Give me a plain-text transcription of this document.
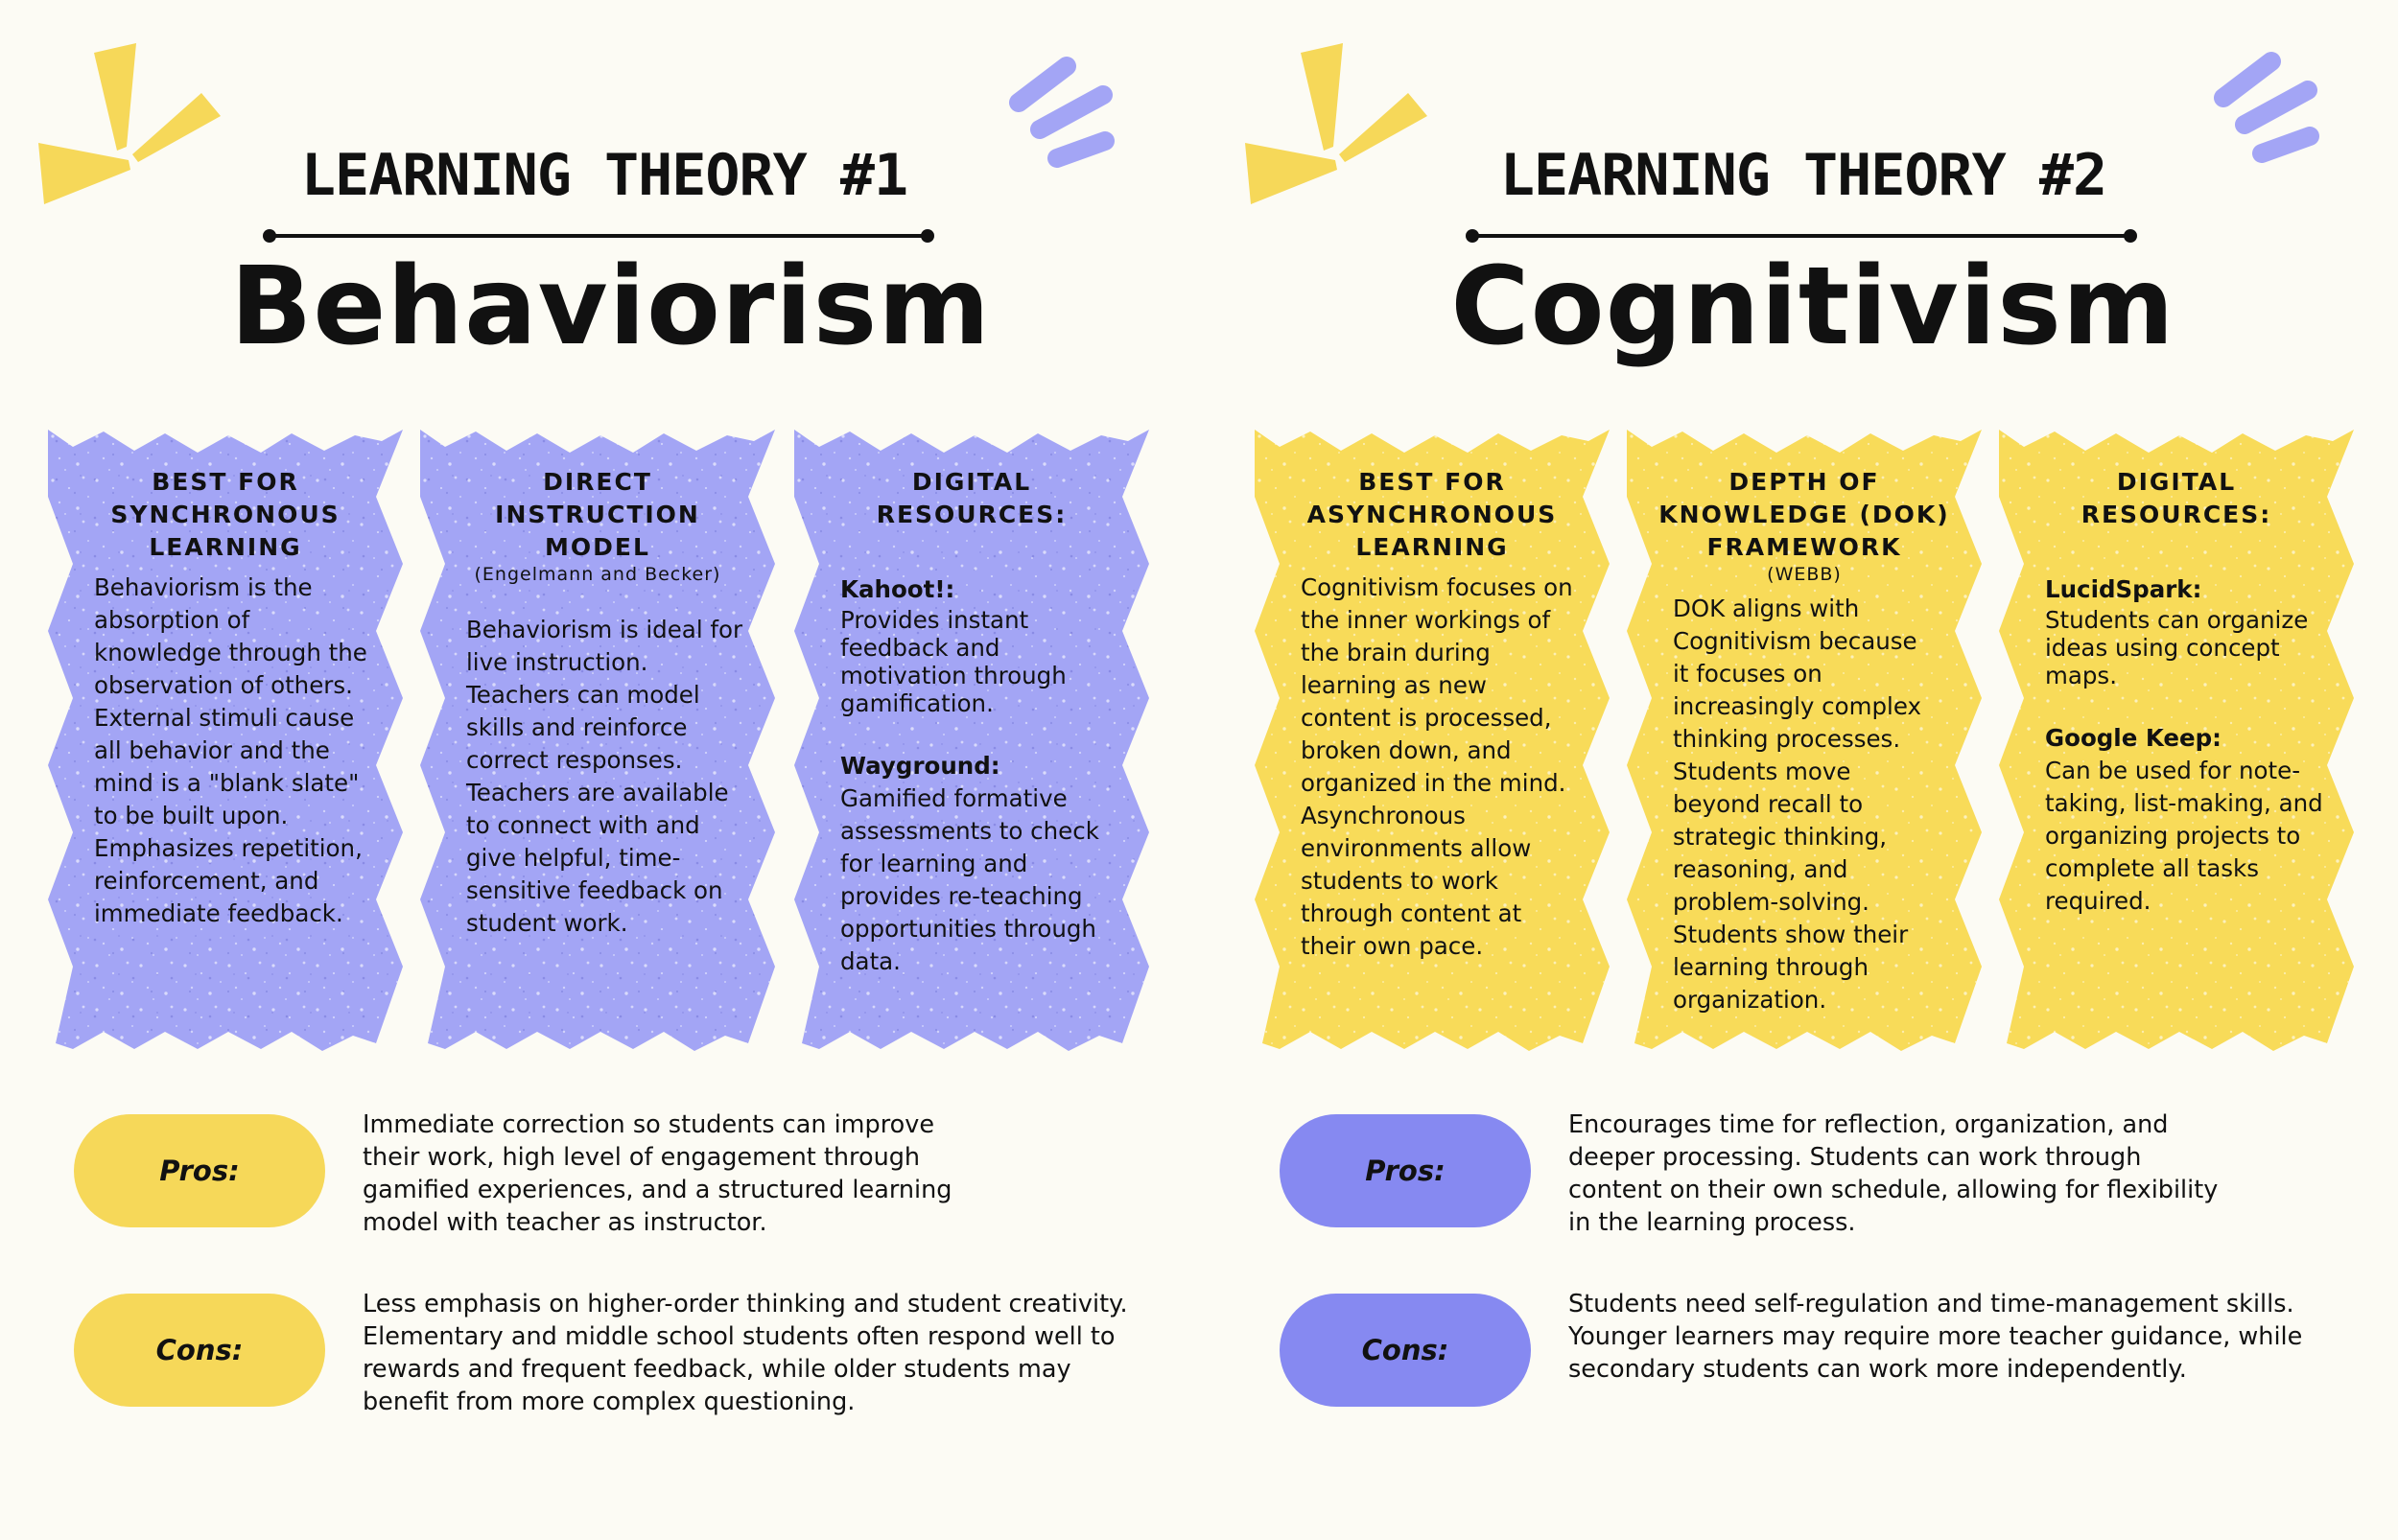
LEARNING THEORY #1
Behaviorism
BEST FOR SYNCHRONOUS LEARNING
Behaviorism is the absorption of knowledge through the observation of others. External stimuli cause all behavior and the mind is a "blank slate" to be built upon. Emphasizes repetition, reinforcement, and immediate feedback.
DIRECT INSTRUCTION MODEL
(Engelmann and Becker)
Behaviorism is ideal for live instruction. Teachers can model skills and reinforce correct responses. Teachers are available to connect with and give helpful, time-sensitive feedback on student work.
DIGITAL RESOURCES:
Kahoot!:
Provides instant feedback and motivation through gamification.
Wayground:
Gamified formative assessments to check for learning and provides re-teaching opportunities through data.
Pros:
Immediate correction so students can improve their work, high level of engagement through gamified experiences, and a structured learning model with teacher as instructor.
Cons:
Less emphasis on higher-order thinking and student creativity. Elementary and middle school students often respond well to rewards and frequent feedback, while older students may benefit from more complex questioning.
LEARNING THEORY #2
Cognitivism
BEST FOR ASYNCHRONOUS LEARNING
Cognitivism focuses on the inner workings of the brain during learning as new content is processed, broken down, and organized in the mind. Asynchronous environments allow students to work through content at their own pace.
DEPTH OF KNOWLEDGE (DOK) FRAMEWORK
(WEBB)
DOK aligns with Cognitivism because it focuses on increasingly complex thinking processes. Students move beyond recall to strategic thinking, reasoning, and problem-solving. Students show their learning through organization.
DIGITAL RESOURCES:
LucidSpark:
Students can organize ideas using concept maps.
Google Keep:
Can be used for note-taking, list-making, and organizing projects to complete all tasks required.
Pros:
Encourages time for reflection, organization, and deeper processing. Students can work through content on their own schedule, allowing for flexibility in the learning process.
Cons:
Students need self-regulation and time-management skills. Younger learners may require more teacher guidance, while secondary students can work more independently.
